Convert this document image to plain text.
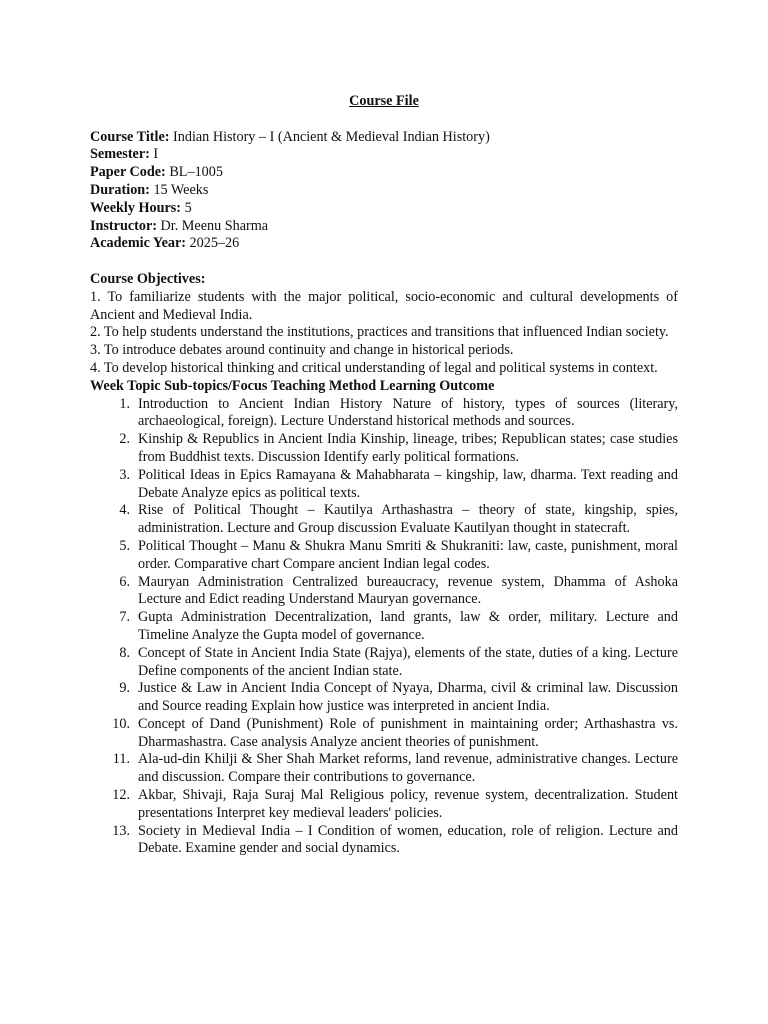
Course File

Course Title: Indian History – I (Ancient & Medieval Indian History)

Semester: I

Paper Code: BL–1005

Duration: 15 Weeks

Weekly Hours: 5

Instructor: Dr. Meenu Sharma

Academic Year: 2025–26

Course Objectives:

1. To familiarize students with the major political, socio-economic and cultural developments of Ancient and Medieval India.

2. To help students understand the institutions, practices and transitions that influenced Indian society.

3. To introduce debates around continuity and change in historical periods.

4. To develop historical thinking and critical understanding of legal and political systems in context.

Week Topic Sub-topics/Focus Teaching Method Learning Outcome

1. Introduction to Ancient Indian History Nature of history, types of sources (literary, archaeological, foreign). Lecture Understand historical methods and sources.
2. Kinship & Republics in Ancient India Kinship, lineage, tribes; Republican states; case studies from Buddhist texts. Discussion Identify early political formations.
3. Political Ideas in Epics Ramayana & Mahabharata – kingship, law, dharma. Text reading and Debate Analyze epics as political texts.
4. Rise of Political Thought – Kautilya Arthashastra – theory of state, kingship, spies, administration. Lecture and Group discussion Evaluate Kautilyan thought in statecraft.
5. Political Thought – Manu & Shukra Manu Smriti & Shukraniti: law, caste, punishment, moral order. Comparative chart Compare ancient Indian legal codes.
6. Mauryan Administration Centralized bureaucracy, revenue system, Dhamma of Ashoka Lecture and Edict reading Understand Mauryan governance.
7. Gupta Administration Decentralization, land grants, law & order, military. Lecture and Timeline Analyze the Gupta model of governance.
8. Concept of State in Ancient India State (Rajya), elements of the state, duties of a king. Lecture Define components of the ancient Indian state.
9. Justice & Law in Ancient India Concept of Nyaya, Dharma, civil & criminal law. Discussion and Source reading Explain how justice was interpreted in ancient India.
10. Concept of Dand (Punishment) Role of punishment in maintaining order; Arthashastra vs. Dharmashastra. Case analysis Analyze ancient theories of punishment.
11. Ala-ud-din Khilji & Sher Shah Market reforms, land revenue, administrative changes. Lecture and discussion. Compare their contributions to governance.
12. Akbar, Shivaji, Raja Suraj Mal Religious policy, revenue system, decentralization. Student presentations Interpret key medieval leaders' policies.
13. Society in Medieval India – I Condition of women, education, role of religion. Lecture and Debate. Examine gender and social dynamics.
